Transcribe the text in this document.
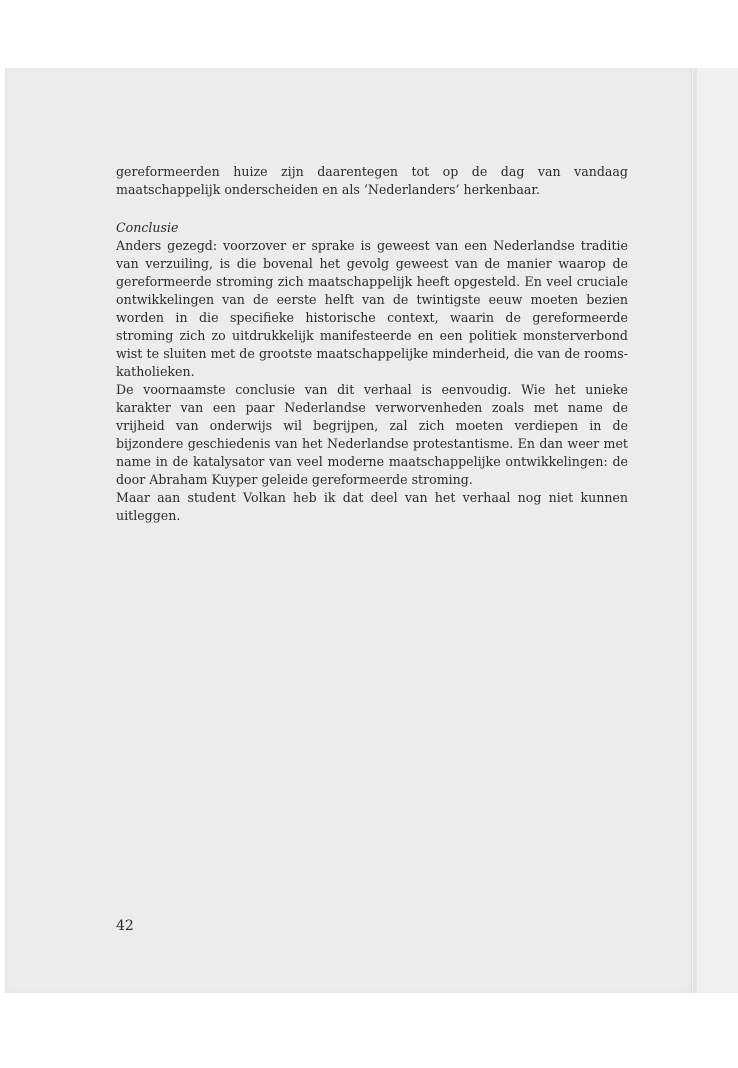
gereformeerden huize zijn daarentegen tot op de dag van vandaag maatschappelijk onderscheiden en als ‘Nederlanders’ herkenbaar.

Conclusie

Anders gezegd: voorzover er sprake is geweest van een Nederlandse traditie van verzuiling, is die bovenal het gevolg geweest van de manier waarop de gereformeerde stroming zich maatschappelijk heeft opgesteld. En veel cruciale ontwikkelingen van de eerste helft van de twintigste eeuw moeten bezien worden in die specifieke historische context, waarin de gereformeerde stroming zich zo uitdrukkelijk manifesteerde en een politiek monsterverbond wist te sluiten met de grootste maatschappelijke minderheid, die van de rooms-katholieken.

De voornaamste conclusie van dit verhaal is eenvoudig. Wie het unieke karakter van een paar Nederlandse verworvenheden zoals met name de vrijheid van onderwijs wil begrijpen, zal zich moeten verdiepen in de bijzondere geschiedenis van het Nederlandse protestantisme. En dan weer met name in de katalysator van veel moderne maatschappelijke ontwikkelingen: de door Abraham Kuyper geleide gereformeerde stroming.

Maar aan student Volkan heb ik dat deel van het verhaal nog niet kunnen uitleggen.

42
